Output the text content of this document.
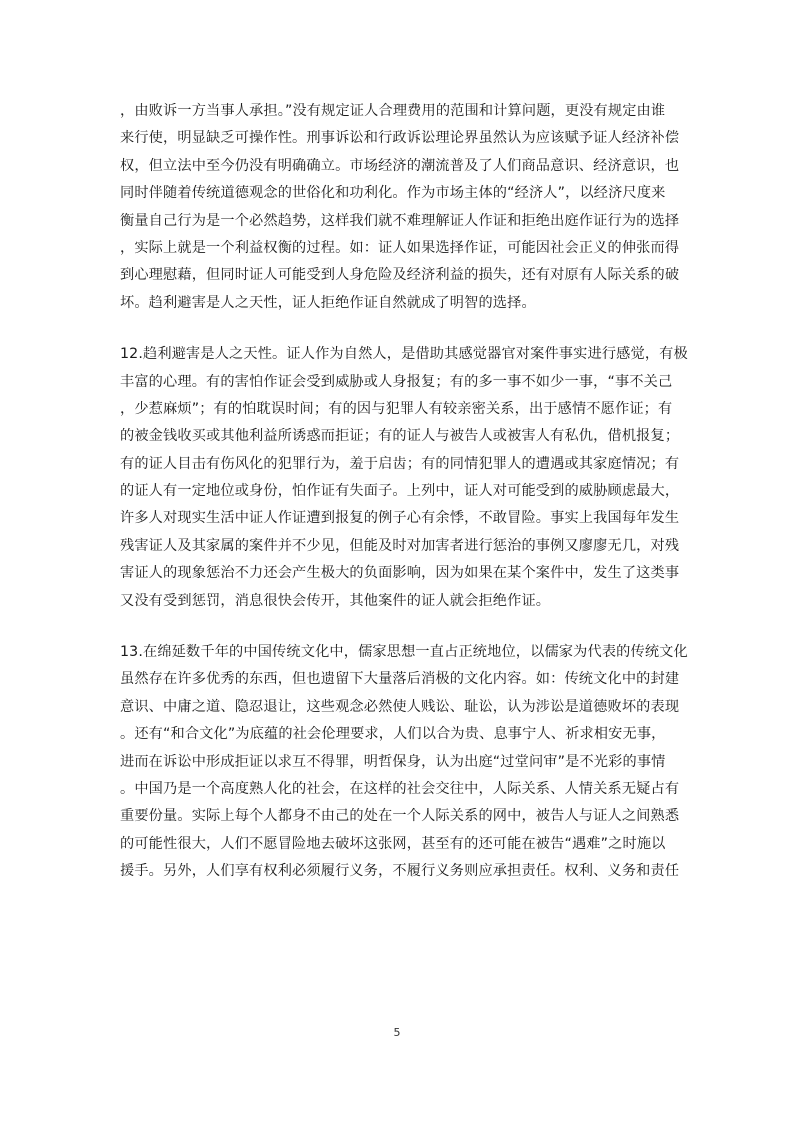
，由败诉一方当事人承担。”没有规定证人合理费用的范围和计算问题，更没有规定由谁
来行使，明显缺乏可操作性。刑事诉讼和行政诉讼理论界虽然认为应该赋予证人经济补偿
权，但立法中至今仍没有明确确立。市场经济的潮流普及了人们商品意识、经济意识，也
同时伴随着传统道德观念的世俗化和功利化。作为市场主体的“经济人”，以经济尺度来
衡量自己行为是一个必然趋势，这样我们就不难理解证人作证和拒绝出庭作证行为的选择
，实际上就是一个利益权衡的过程。如：证人如果选择作证，可能因社会正义的伸张而得
到心理慰藉，但同时证人可能受到人身危险及经济利益的损失，还有对原有人际关系的破
坏。趋利避害是人之天性，证人拒绝作证自然就成了明智的选择。
12.趋利避害是人之天性。证人作为自然人，是借助其感觉器官对案件事实进行感觉，有极
丰富的心理。有的害怕作证会受到威胁或人身报复；有的多一事不如少一事，“事不关己
，少惹麻烦”；有的怕耽误时间；有的因与犯罪人有较亲密关系，出于感情不愿作证；有
的被金钱收买或其他利益所诱惑而拒证；有的证人与被告人或被害人有私仇，借机报复；
有的证人目击有伤风化的犯罪行为，羞于启齿；有的同情犯罪人的遭遇或其家庭情况；有
的证人有一定地位或身份，怕作证有失面子。上列中，证人对可能受到的威胁顾虑最大，
许多人对现实生活中证人作证遭到报复的例子心有余悸，不敢冒险。事实上我国每年发生
残害证人及其家属的案件并不少见，但能及时对加害者进行惩治的事例又廖廖无几，对残
害证人的现象惩治不力还会产生极大的负面影响，因为如果在某个案件中，发生了这类事
又没有受到惩罚，消息很快会传开，其他案件的证人就会拒绝作证。
13.在绵延数千年的中国传统文化中，儒家思想一直占正统地位，以儒家为代表的传统文化
虽然存在许多优秀的东西，但也遗留下大量落后消极的文化内容。如：传统文化中的封建
意识、中庸之道、隐忍退让，这些观念必然使人贱讼、耻讼，认为涉讼是道德败坏的表现
。还有“和合文化”为底蕴的社会伦理要求，人们以合为贵、息事宁人、祈求相安无事，
进而在诉讼中形成拒证以求互不得罪，明哲保身，认为出庭“过堂问审”是不光彩的事情
。中国乃是一个高度熟人化的社会，在这样的社会交往中，人际关系、人情关系无疑占有
重要份量。实际上每个人都身不由己的处在一个人际关系的网中，被告人与证人之间熟悉
的可能性很大，人们不愿冒险地去破坏这张网，甚至有的还可能在被告“遇难”之时施以
援手。另外，人们享有权利必须履行义务，不履行义务则应承担责任。权利、义务和责任
5
